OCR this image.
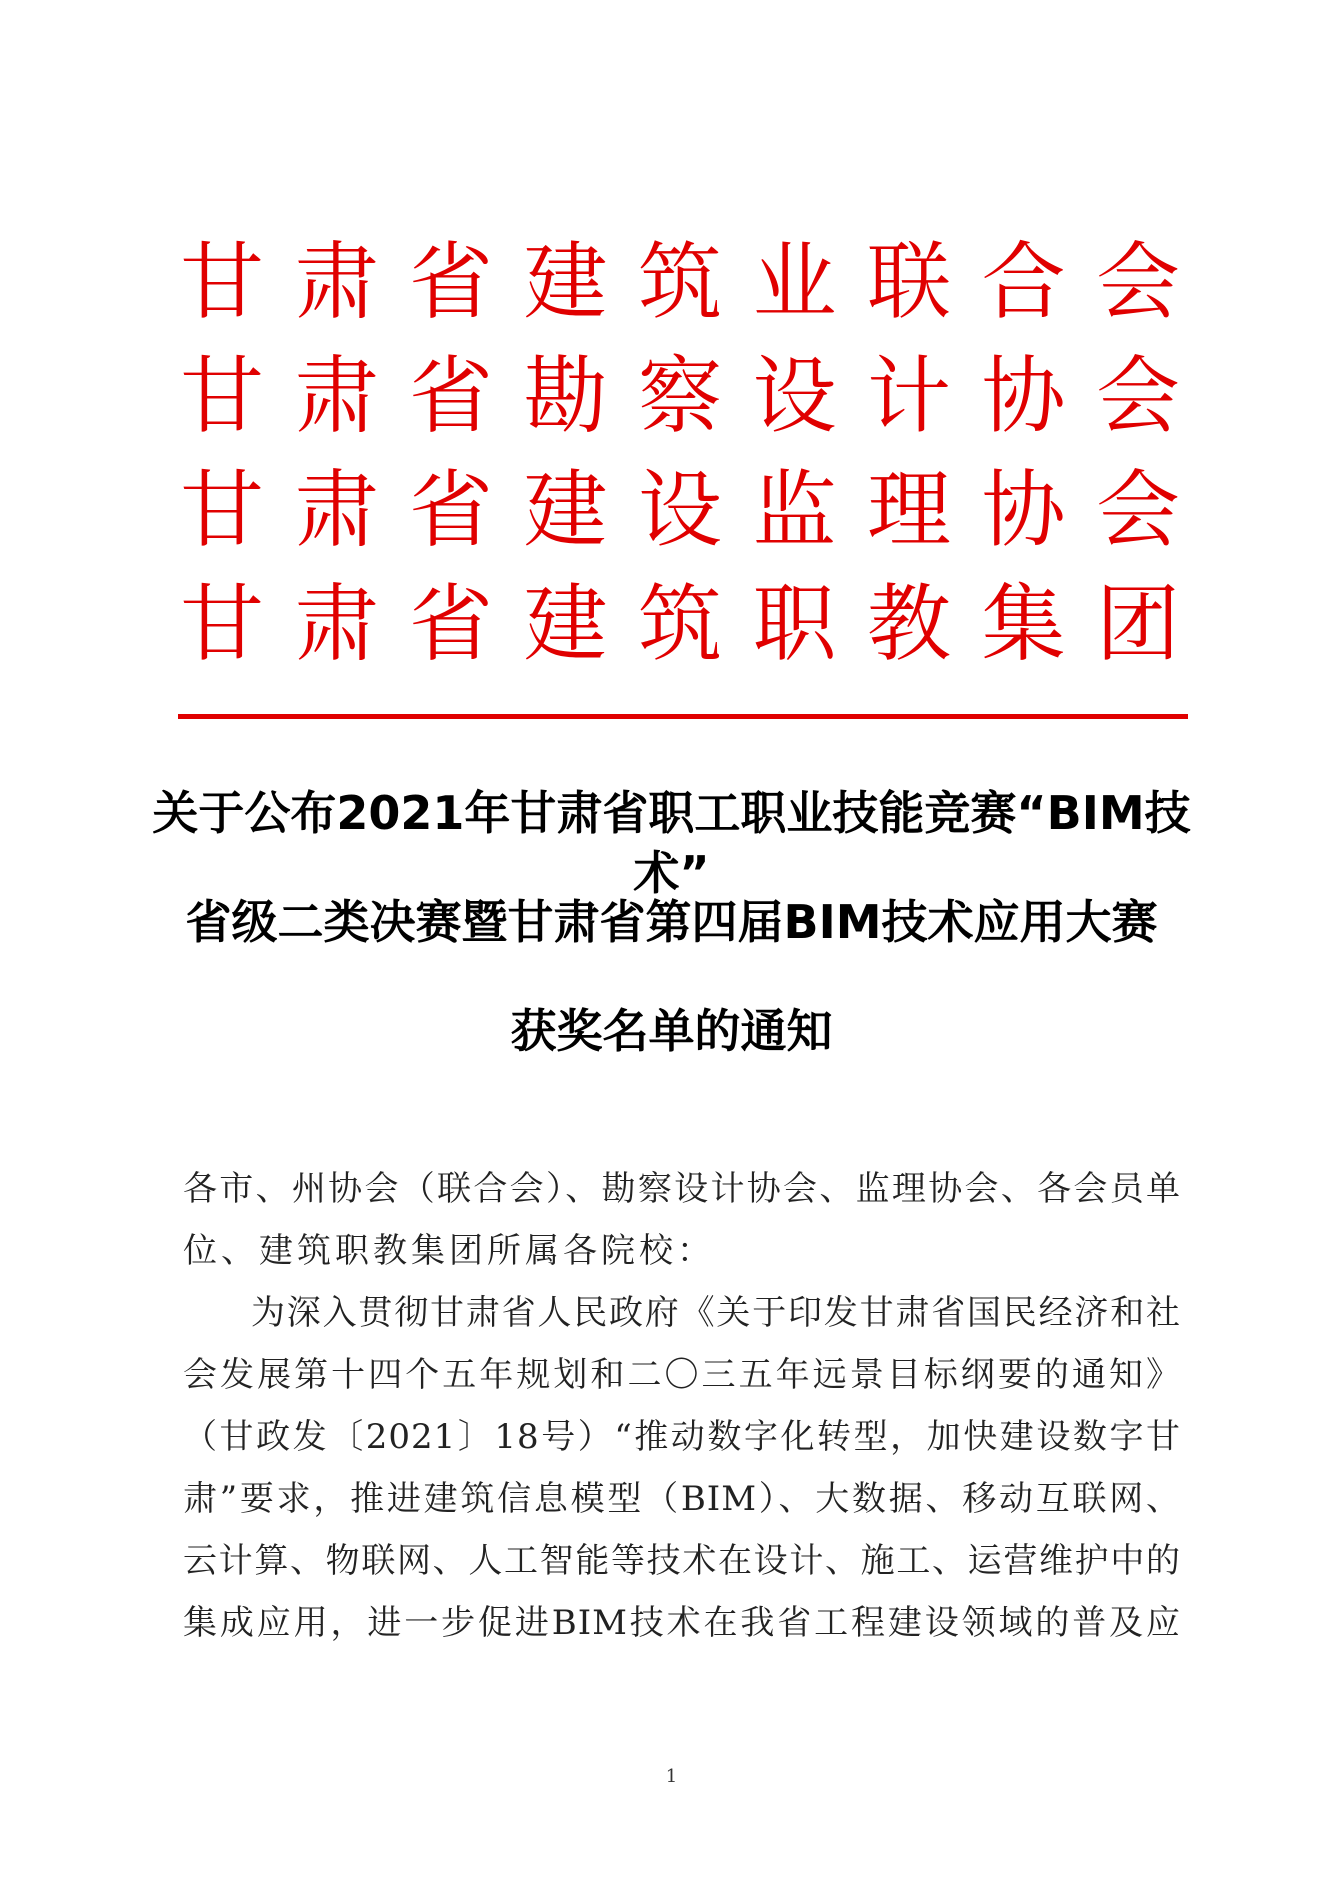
甘 肃 省 建 筑 业 联 合 会
甘 肃 省 勘 察 设 计 协 会
甘 肃 省 建 设 监 理 协 会
甘 肃 省 建 筑 职 教 集 团
关于公布2021年甘肃省职工职业技能竞赛“BIM技术”
省级二类决赛暨甘肃省第四届BIM技术应用大赛
获奖名单的通知
各市、州协会（联合会）、勘察设计协会、监理协会、各会员单
位、建筑职教集团所属各院校：
为深入贯彻甘肃省人民政府《关于印发甘肃省国民经济和社
会发展第十四个五年规划和二〇三五年远景目标纲要的通知》
（甘政发〔2021〕18号）“推动数字化转型，加快建设数字甘
肃”要求，推进建筑信息模型（BIM）、大数据、移动互联网、
云计算、物联网、人工智能等技术在设计、施工、运营维护中的
集成应用，进一步促进BIM技术在我省工程建设领域的普及应
1
